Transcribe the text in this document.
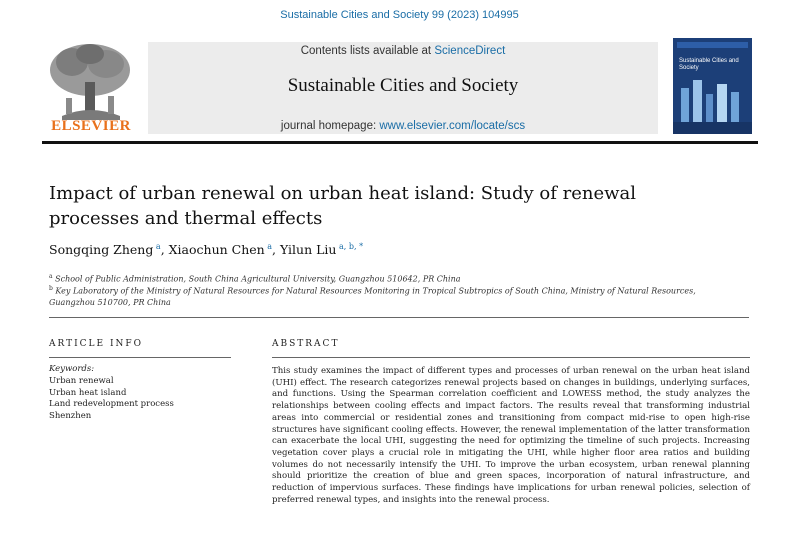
Sustainable Cities and Society 99 (2023) 104995
ELSEVIER
Contents lists available at ScienceDirect
Sustainable Cities and Society
journal homepage: www.elsevier.com/locate/scs
Sustainable Cities and Society
Impact of urban renewal on urban heat island: Study of renewal processes and thermal effects
Songqing Zheng $^a$, Xiaochun Chen $^a$, Yilun Liu $^{a, b, *}$
$^a$ School of Public Administration, South China Agricultural University, Guangzhou 510642, PR China
$^b$ Key Laboratory of the Ministry of Natural Resources for Natural Resources Monitoring in Tropical Subtropics of South China, Ministry of Natural Resources, Guangzhou 510700, PR China
ARTICLE INFO	ABSTRACT
Keywords:
Urban renewal
Urban heat island
Land redevelopment process
Shenzhen
This study examines the impact of different types and processes of urban renewal on the urban heat island (UHI) effect. The research categorizes renewal projects based on changes in buildings, underlying surfaces, and functions. Using the Spearman correlation coefficient and LOWESS method, the study analyzes the relationships between cooling effects and impact factors. The results reveal that transforming industrial areas into commercial or residential zones and transitioning from compact mid-rise to open high-rise structures have significant cooling effects. However, the renewal implementation of the latter transformation can exacerbate the local UHI, suggesting the need for optimizing the timeline of such projects. Increasing vegetation cover plays a crucial role in mitigating the UHI, while higher floor area ratios and building volumes do not necessarily intensify the UHI. To improve the urban ecosystem, urban renewal planning should prioritize the creation of blue and green spaces, incorporation of natural infrastructure, and reduction of impervious surfaces. These findings have implications for urban renewal policies, selection of preferred renewal types, and insights into the renewal process.
